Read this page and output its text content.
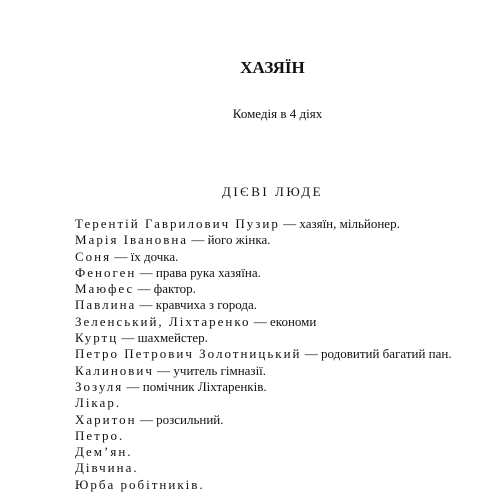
ХАЗЯЇН
Комедія в 4 діях
ДІЄВІ ЛЮДЕ
Терентій Гаврилович Пузир — хазяїн, мільйонер.
Марія Івановна — його жінка.
Соня — їх дочка.
Феноген — права рука хазяїна.
Маюфес — фактор.
Павлина — кравчиха з города.
Зеленський, Ліхтаренко — економи
Куртц — шахмейстер.
Петро Петрович Золотницький — родовитий багатий пан.
Калинович — учитель гімназії.
Зозуля — помічник Ліхтаренків.
Лікар.
Харитон — розсильний.
Петро.
Дем’ян.
Дівчина.
Юрба робітників.
